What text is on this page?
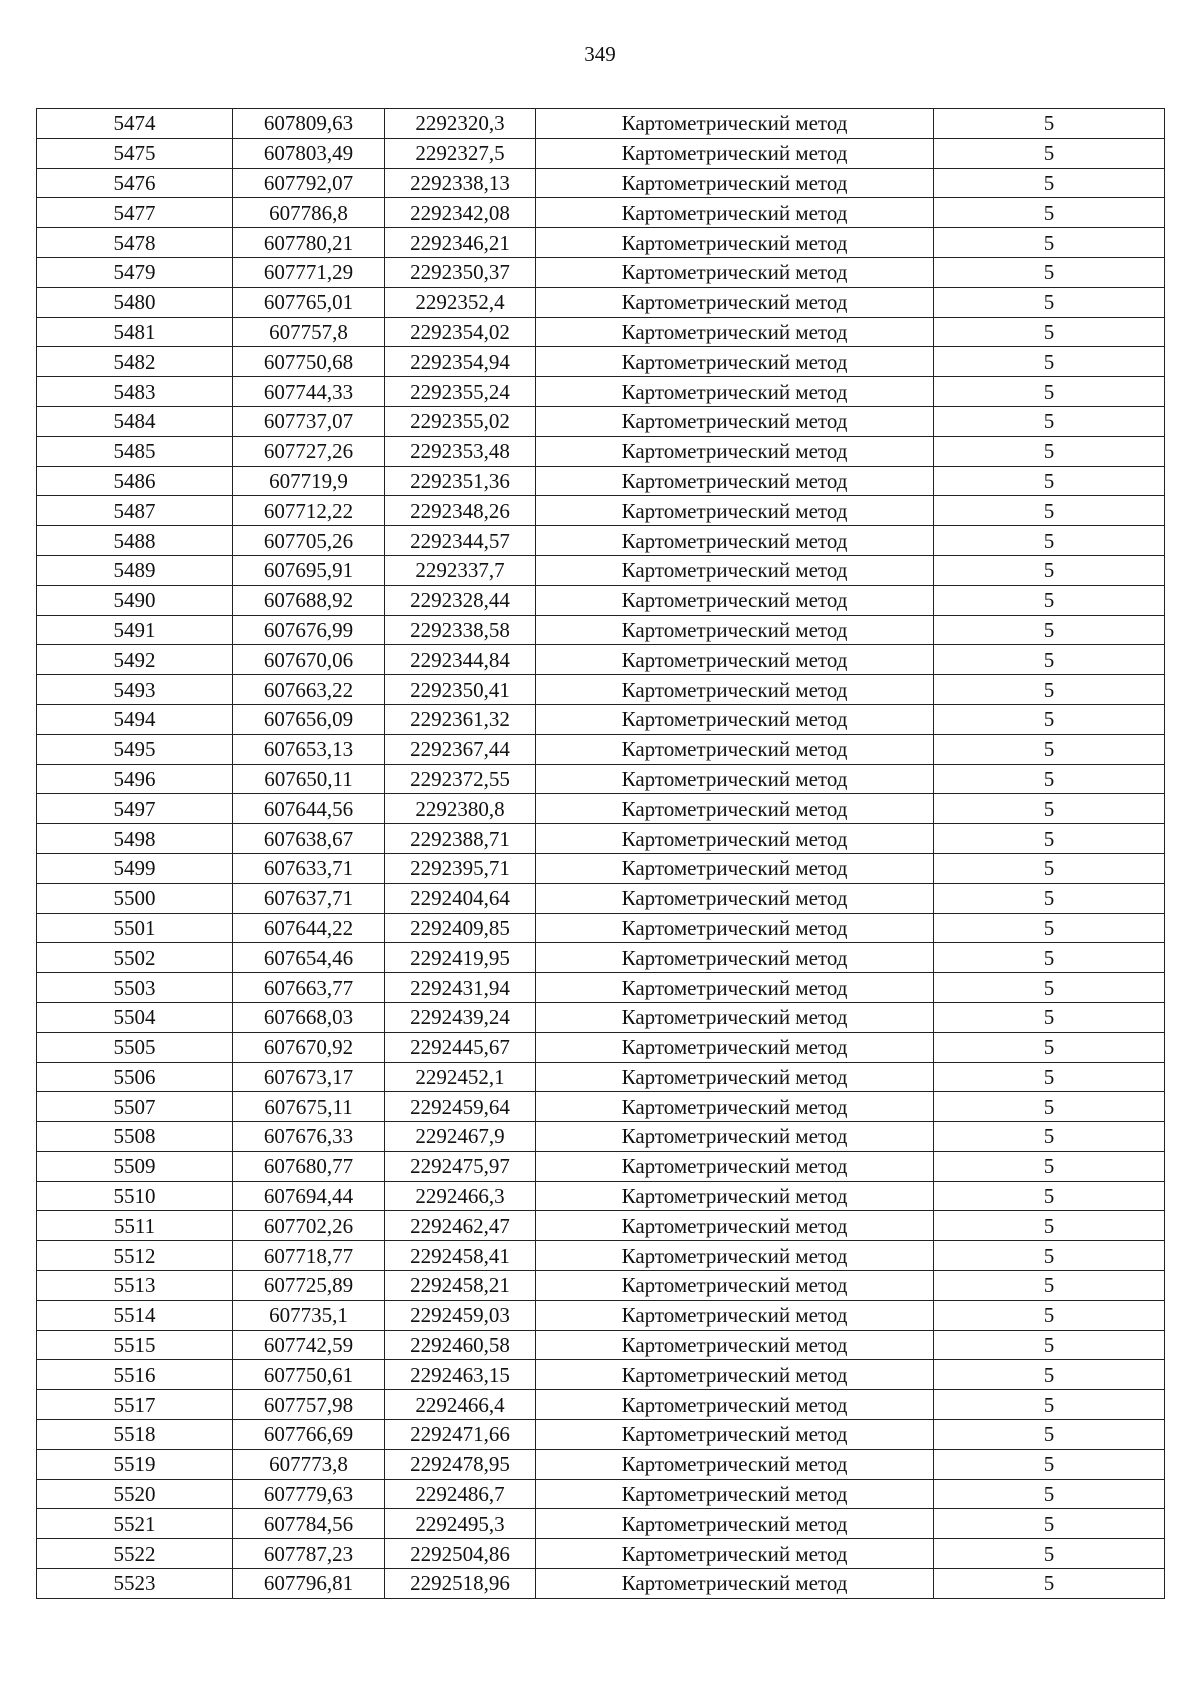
349
5474	607809,63	2292320,3	Картометрический метод	5
5475	607803,49	2292327,5	Картометрический метод	5
5476	607792,07	2292338,13	Картометрический метод	5
5477	607786,8	2292342,08	Картометрический метод	5
5478	607780,21	2292346,21	Картометрический метод	5
5479	607771,29	2292350,37	Картометрический метод	5
5480	607765,01	2292352,4	Картометрический метод	5
5481	607757,8	2292354,02	Картометрический метод	5
5482	607750,68	2292354,94	Картометрический метод	5
5483	607744,33	2292355,24	Картометрический метод	5
5484	607737,07	2292355,02	Картометрический метод	5
5485	607727,26	2292353,48	Картометрический метод	5
5486	607719,9	2292351,36	Картометрический метод	5
5487	607712,22	2292348,26	Картометрический метод	5
5488	607705,26	2292344,57	Картометрический метод	5
5489	607695,91	2292337,7	Картометрический метод	5
5490	607688,92	2292328,44	Картометрический метод	5
5491	607676,99	2292338,58	Картометрический метод	5
5492	607670,06	2292344,84	Картометрический метод	5
5493	607663,22	2292350,41	Картометрический метод	5
5494	607656,09	2292361,32	Картометрический метод	5
5495	607653,13	2292367,44	Картометрический метод	5
5496	607650,11	2292372,55	Картометрический метод	5
5497	607644,56	2292380,8	Картометрический метод	5
5498	607638,67	2292388,71	Картометрический метод	5
5499	607633,71	2292395,71	Картометрический метод	5
5500	607637,71	2292404,64	Картометрический метод	5
5501	607644,22	2292409,85	Картометрический метод	5
5502	607654,46	2292419,95	Картометрический метод	5
5503	607663,77	2292431,94	Картометрический метод	5
5504	607668,03	2292439,24	Картометрический метод	5
5505	607670,92	2292445,67	Картометрический метод	5
5506	607673,17	2292452,1	Картометрический метод	5
5507	607675,11	2292459,64	Картометрический метод	5
5508	607676,33	2292467,9	Картометрический метод	5
5509	607680,77	2292475,97	Картометрический метод	5
5510	607694,44	2292466,3	Картометрический метод	5
5511	607702,26	2292462,47	Картометрический метод	5
5512	607718,77	2292458,41	Картометрический метод	5
5513	607725,89	2292458,21	Картометрический метод	5
5514	607735,1	2292459,03	Картометрический метод	5
5515	607742,59	2292460,58	Картометрический метод	5
5516	607750,61	2292463,15	Картометрический метод	5
5517	607757,98	2292466,4	Картометрический метод	5
5518	607766,69	2292471,66	Картометрический метод	5
5519	607773,8	2292478,95	Картометрический метод	5
5520	607779,63	2292486,7	Картометрический метод	5
5521	607784,56	2292495,3	Картометрический метод	5
5522	607787,23	2292504,86	Картометрический метод	5
5523	607796,81	2292518,96	Картометрический метод	5
